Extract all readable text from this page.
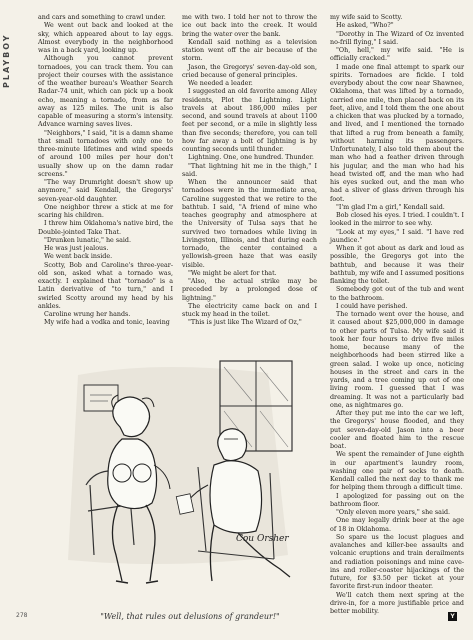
PLAYBOY

and cars and something to crawl under.

We went out back and looked at the sky, which appeared about to lay eggs. Almost everybody in the neighborhood was in a back yard, looking up.

Although you cannot prevent tornadoes, you can track them. You can project their courses with the assistance of the weather bureau's Weather Search Radar-74 unit, which can pick up a book echo, meaning a tornado, from as far away as 125 miles. The unit is also capable of measuring a storm's intensity. Advance warning saves lives.

"Neighbors," I said, "it is a damn shame that small tornadoes with only one to three-minute lifetimes and wind speeds of around 100 miles per hour don't usually show up on the damn radar screens."

"The way Drumright doesn't show up anymore," said Kendall, the Gregorys' seven-year-old daughter.

One neighbor threw a stick at me for scaring his children.

I threw him Oklahoma's native bird, the Double-jointed Take That.

"Drunken lunatic," he said.

He was just jealous.

We went back inside.

Scotty, Bob and Caroline's three-year-old son, asked what a tornado was, exactly. I explained that "tornado" is a Latin derivative of "to turn," and I swirled Scotty around my head by his ankles.

Caroline wrung her hands.

My wife had a vodka and tonic, leaving

me with two. I told her not to throw the ice out back into the creek. It would bring the water over the bank.

Kendall said nothing as a television station went off the air because of the storm.

Jason, the Gregorys' seven-day-old son, cried because of general principles.

We needed a leader.

I suggested an old favorite among Alley residents, Plot the Lightning. Light travels at about 186,000 miles per second, and sound travels at about 1100 feet per second, or a mile in slightly less than five seconds; therefore, you can tell how far away a bolt of lightning is by counting seconds until thunder.

Lightning. One, one hundred. Thunder.

"That lightning hit me in the thigh," I said.

When the announcer said that tornadoes were in the immediate area, Caroline suggested that we retire to the bathtub. I said, "A friend of mine who teaches geography and atmosphere at the University of Tulsa says that he survived two tornadoes while living in Livingston, Illinois, and that during each tornado, the center contained a yellowish-green haze that was easily visible.

"We might be alert for that.

"Also, the actual strike may be preceded by a prolonged dose of lightning."

The electricity came back on and I stuck my head in the toilet.

"This is just like The Wizard of Oz,"

my wife said to Scotty.

He asked, "Who?"

"Dorothy in The Wizard of Oz invented no-frill flying," I said.

"Oh, hell," my wife said. "He is officially cracked."

I made one final attempt to spark our spirits. Tornadoes are fickle. I told everybody about the cow near Shawnee, Oklahoma, that was lifted by a tornado, carried one mile, then placed back on its feet, alive, and I told them the one about a chicken that was plucked by a tornado, and lived, and I mentioned the tornado that lifted a rug from beneath a family, without harming its passengers. Unfortunately, I also told them about the man who had a feather driven through his jugular, and the man who had his head twisted off, and the man who had his eyes sucked out, and the man who had a sliver of glass driven through his foot.

"I'm glad I'm a girl," Kendall said.

Bob closed his eyes. I tried. I couldn't. I looked in the mirror to see why.

"Look at my eyes," I said. "I have red jaundice."

When it got about as dark and loud as possible, the Gregorys got into the bathtub, and because it was their bathtub, my wife and I assumed positions flanking the toilet.

Somebody got out of the tub and went to the bathroom.

I could have perished.

The tornado went over the house, and it caused about $25,000,000 in damage to other parts of Tulsa. My wife said it took her four hours to drive five miles home, because many of the neighborhoods had been stirred like a green salad. I woke up once, noticing houses in the street and cars in the yards, and a tree coming up out of one living room. I guessed that I was dreaming. It was not a particularly bad one, as nightmares go.

After they put me into the car we left, the Gregorys' house flooded, and they put seven-day-old Jason into a beer cooler and floated him to the rescue boat.

We spent the remainder of June eighth in our apartment's laundry room, washing one pair of socks to death. Kendall called the next day to thank me for helping them through a difficult time.

I apologized for passing out on the bathroom floor.

"Only eleven more years," she said.

One may legally drink beer at the age of 18 in Oklahoma.

So spare us the locust plagues and avalanches and killer-bee assaults and volcanic eruptions and train derailments and radiation poisonings and mine cave-ins and roller-coaster hijackings of the future, for $3.50 per ticket at your favorite first-run indoor theater.

We'll catch them next spring at the drive-in, for a more justifiable price and better mobility.

Cou Orsher
278	"Well, that rules out delusions of grandeur!"	Y
